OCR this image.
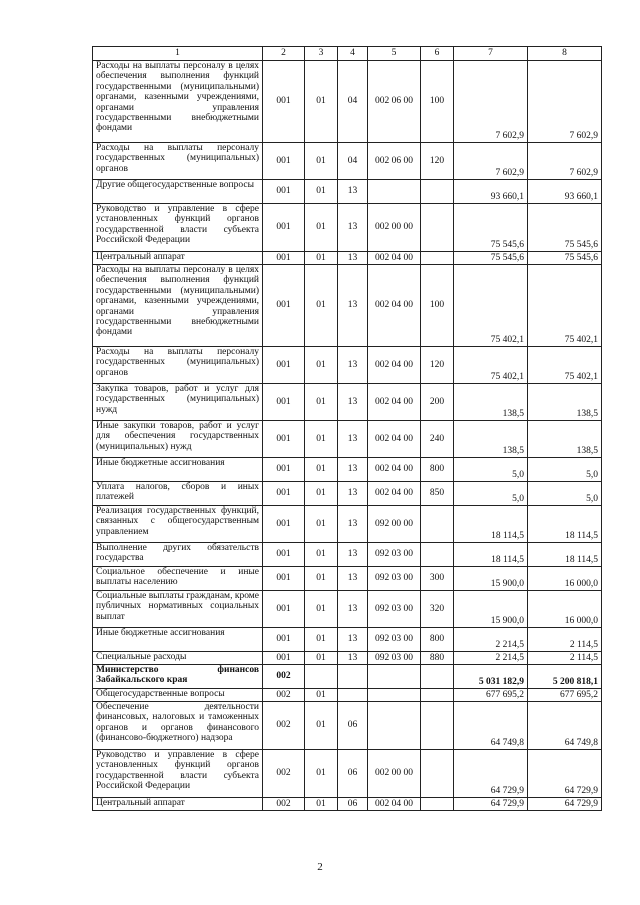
1	2	3	4	5	6	7	8
Расходы на выплаты персоналу в целях обеспечения выполнения функций государственными (муниципальными) органами, казенными учреждениями, органами управления государственными внебюджетными фондами	001	01	04	002 06 00	100	7 602,9	7 602,9
Расходы на выплаты персоналу государственных (муниципальных) органов	001	01	04	002 06 00	120	7 602,9	7 602,9
Другие общегосударственные вопросы	001	01	13			93 660,1	93 660,1
Руководство и управление в сфере установленных функций органов государственной власти субъекта Российской Федерации	001	01	13	002 00 00		75 545,6	75 545,6
Центральный аппарат	001	01	13	002 04 00		75 545,6	75 545,6
Расходы на выплаты персоналу в целях обеспечения выполнения функций государственными (муниципальными) органами, казенными учреждениями, органами управления государственными внебюджетными фондами	001	01	13	002 04 00	100	75 402,1	75 402,1
Расходы на выплаты персоналу государственных (муниципальных) органов	001	01	13	002 04 00	120	75 402,1	75 402,1
Закупка товаров, работ и услуг для государственных (муниципальных) нужд	001	01	13	002 04 00	200	138,5	138,5
Иные закупки товаров, работ и услуг для обеспечения государственных (муниципальных) нужд	001	01	13	002 04 00	240	138,5	138,5
Иные бюджетные ассигнования	001	01	13	002 04 00	800	5,0	5,0
Уплата налогов, сборов и иных платежей	001	01	13	002 04 00	850	5,0	5,0
Реализация государственных функций, связанных с общегосударственным управлением	001	01	13	092 00 00		18 114,5	18 114,5
Выполнение других обязательств государства	001	01	13	092 03 00		18 114,5	18 114,5
Социальное обеспечение и иные выплаты населению	001	01	13	092 03 00	300	15 900,0	16 000,0
Социальные выплаты гражданам, кроме публичных нормативных социальных выплат	001	01	13	092 03 00	320	15 900,0	16 000,0
Иные бюджетные ассигнования	001	01	13	092 03 00	800	2 214,5	2 114,5
Специальные расходы	001	01	13	092 03 00	880	2 214,5	2 114,5
Министерство финансов Забайкальского края	002					5 031 182,9	5 200 818,1
Общегосударственные вопросы	002	01				677 695,2	677 695,2
Обеспечение деятельности финансовых, налоговых и таможенных органов и органов финансового (финансово-бюджетного) надзора	002	01	06			64 749,8	64 749,8
Руководство и управление в сфере установленных функций органов государственной власти субъекта Российской Федерации	002	01	06	002 00 00		64 729,9	64 729,9
Центральный аппарат	002	01	06	002 04 00		64 729,9	64 729,9
2
